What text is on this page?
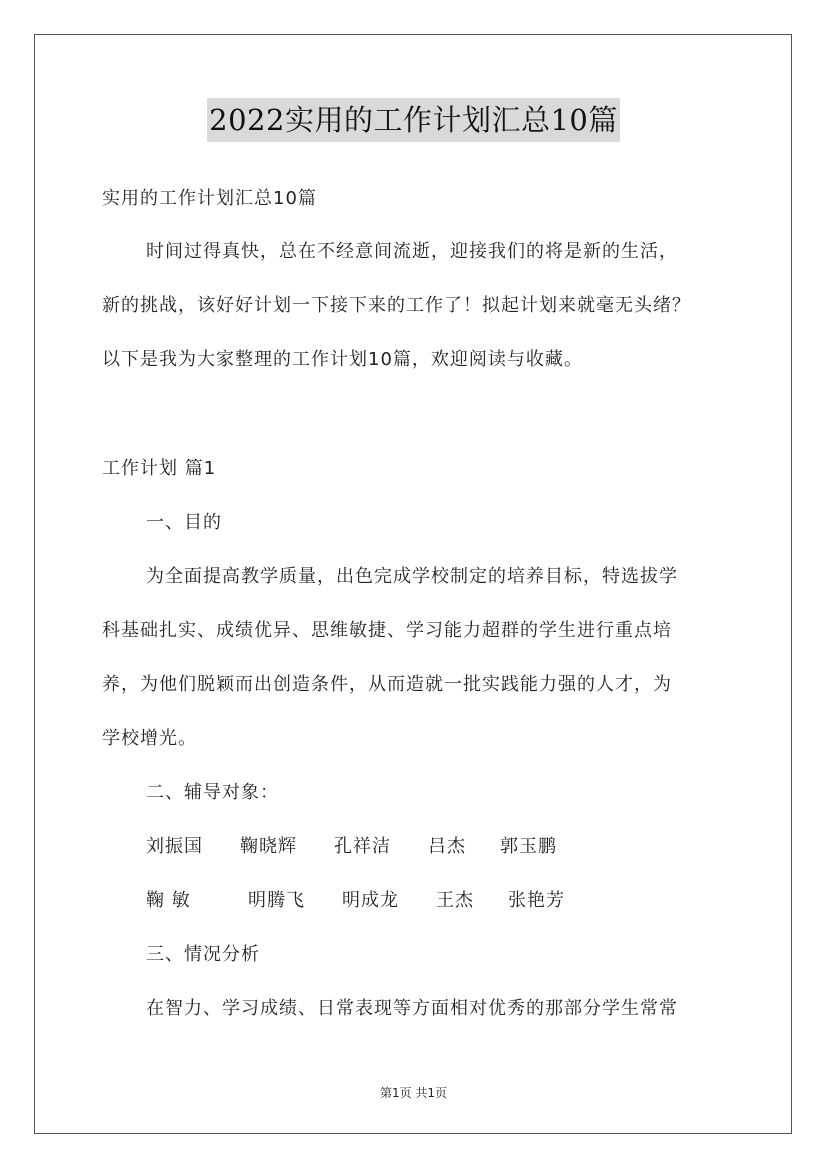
2022实用的工作计划汇总10篇
实用的工作计划汇总10篇
时间过得真快，总在不经意间流逝，迎接我们的将是新的生活，
新的挑战，该好好计划一下接下来的工作了！拟起计划来就毫无头绪？
以下是我为大家整理的工作计划10篇，欢迎阅读与收藏。
工作计划 篇1
一、目的
为全面提高教学质量，出色完成学校制定的培养目标，特选拔学
科基础扎实、成绩优异、思维敏捷、学习能力超群的学生进行重点培
养，为他们脱颖而出创造条件，从而造就一批实践能力强的人才，为
学校增光。
二、辅导对象：
刘振国 鞠晓辉 孔祥洁 吕杰 郭玉鹏
鞠 敏	明腾飞 明成龙 王杰 张艳芳
三、情况分析
在智力、学习成绩、日常表现等方面相对优秀的那部分学生常常
第1页 共1页
